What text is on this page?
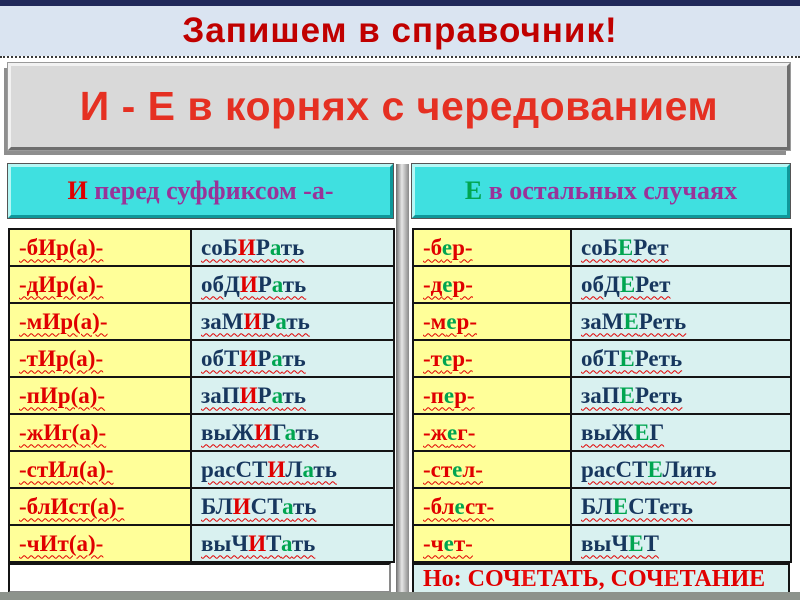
Запишем в справочник!
И - Е в корнях с чередованием
И перед суффиксом -а-	Е в остальных случаях
-бИр(а)-	соБИРать
-дИр(а)-	обДИРать
-мИр(а)-	заМИРать
-тИр(а)-	обТИРать
-пИр(а)-	заПИРать
-жИг(а)-	выЖИГать
-стИл(а)-	расСТИЛать
-блИст(а)-	БЛИСТать
-чИт(а)-	выЧИТать
-бер-	соБЕРет
-дер-	обДЕРет
-мер-	заМЕРеть
-тер-	обТЕРеть
-пер-	заПЕРеть
-жег-	выЖЕГ
-стел-	расСТЕЛить
-блест-	БЛЕСТеть
-чет-	выЧЕТ
Но: СОЧЕТАТЬ, СОЧЕТАНИЕ
